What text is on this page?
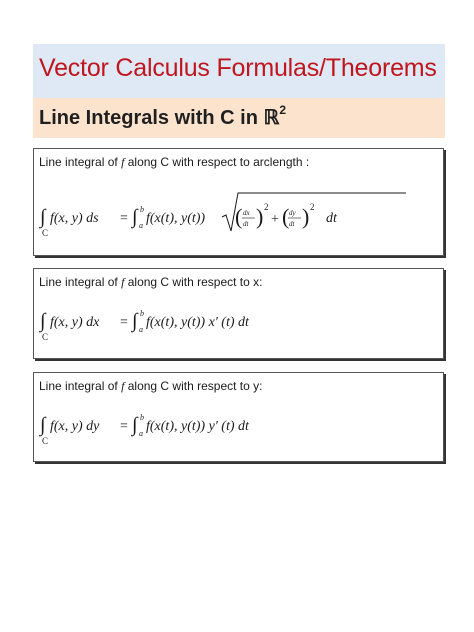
Vector Calculus Formulas/Theorems
Line Integrals with C in ℝ$^2$
Line integral of f along C with respect to arclength :
∫
C
f(x, y) ds = ∫ a
b
f(x(t), y(t)) ( dx
dt ) 2
+ ( dy
dt ) 2
dt
Line integral of f along C with respect to x:
∫
C
f(x, y) dx = ∫ a
b
f(x(t), y(t)) x' (t) dt
Line integral of f along C with respect to y:
∫
C
f(x, y) dy = ∫ a
b
f(x(t), y(t)) y' (t) dt
